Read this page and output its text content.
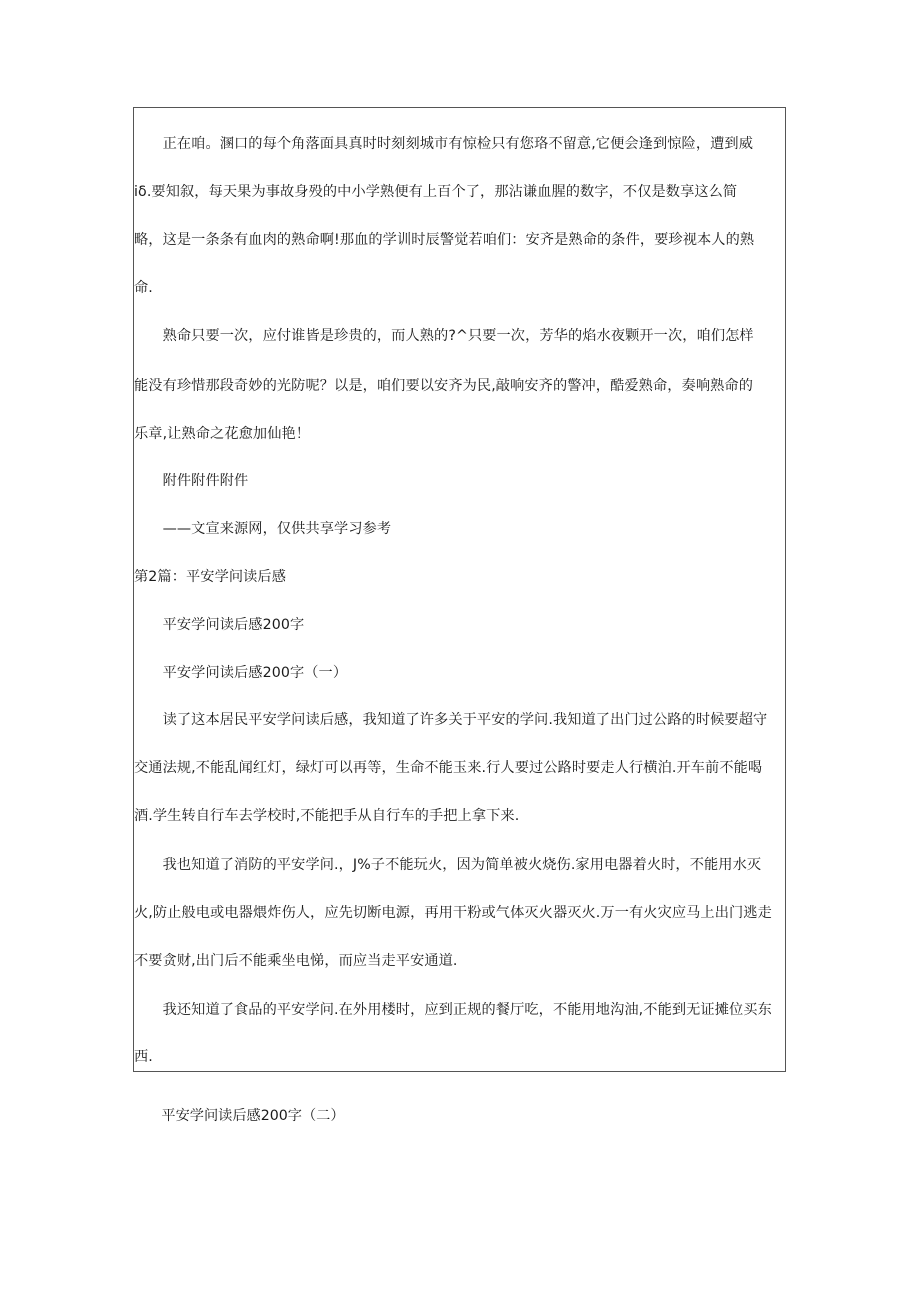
　　正在咱。溷口的每个角落面具真时时刻刻城市有惊检只有您珞不留意,它便会逢到惊险，遭到威
iδ.要知叙，每天果为事故身殁的中小学熟便有上百个了，那沾谦血腥的数字，不仅是数享这么简
略，这是一条条有血肉的熟命啊!那血的学训时辰警觉若咱们：安齐是熟命的条件，要珍视本人的熟
命.
　　熟命只要一次，应付谁皆是珍贵的，而人熟的?^只要一次，芳华的焰水夜颗开一次，咱们怎样
能没有珍惜那段奇妙的光防呢？以是，咱们要以安齐为民,敲响安齐的警冲，酷爱熟命，奏响熟命的
乐章,让熟命之花愈加仙艳！
　　附件附件附件
　　——文宣来源网，仅供共享学习参考
第2篇：平安学问读后感
　　平安学问读后感200字
　　平安学问读后感200字（一）
　　读了这本居民平安学问读后感，我知道了许多关于平安的学问.我知道了出门过公路的时候要超守
交通法规,不能乱闻红灯，绿灯可以再等，生命不能玉来.行人要过公路时要走人行横泊.开车前不能喝
酒.学生转自行车去学校时,不能把手从自行车的手把上拿下来.
　　我也知道了消防的平安学问.，J%子不能玩火，因为简单被火烧伤.家用电器着火时，不能用水灭
火,防止般电或电器煨炸伤人，应先切断电源，再用干粉或气体灭火器灭火.万一有火灾应马上出门逃走
不要贪财,出门后不能乘坐电悌，而应当走平安通道.
　　我还知道了食品的平安学问.在外用楼时，应到正规的餐厅吃，不能用地沟油,不能到无证摊位买东
西.
　　平安学问读后感200字（二）
